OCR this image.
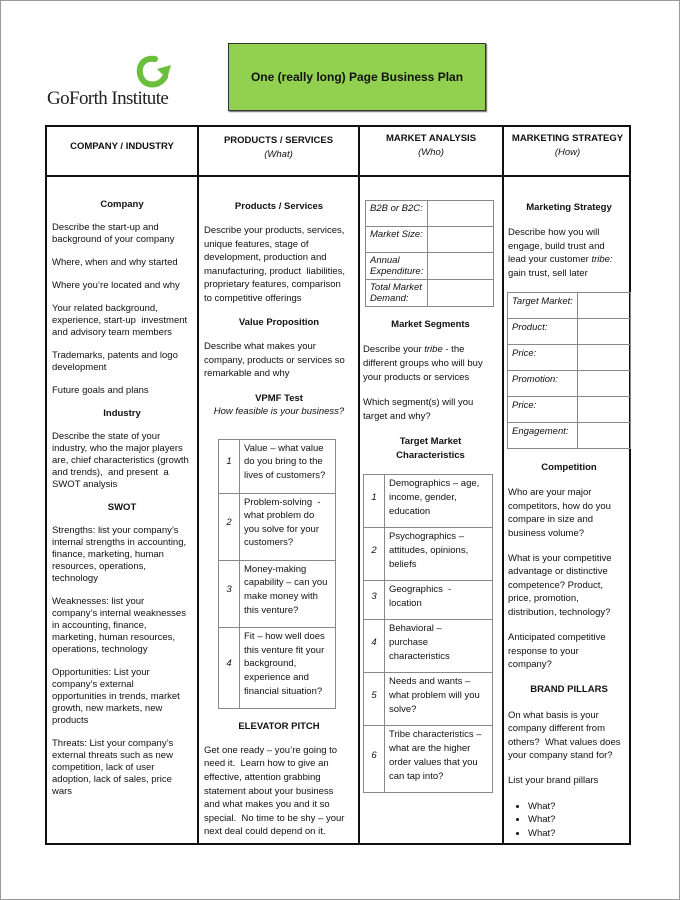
GoForth Institute
One (really long) Page Business Plan
COMPANY / INDUSTRY
PRODUCTS / SERVICES
(What)
MARKET ANALYSIS
(Who)
MARKETING STRATEGY
(How)
Company
Describe the start-up and
background of your company
Where, when and why started
Where you’re located and why
Your related background,
experience, start-up  investment
and advisory team members
Trademarks, patents and logo
development
Future goals and plans
Industry
Describe the state of your
industry, who the major players
are, chief characteristics (growth
and trends),  and present  a
SWOT analysis
SWOT
Strengths: list your company’s
internal strengths in accounting,
finance, marketing, human
resources, operations,
technology
Weaknesses: list your
company’s internal weaknesses
in accounting, finance,
marketing, human resources,
operations, technology
Opportunities: List your
company’s external
opportunities in trends, market
growth, new markets, new
products
Threats: List your company’s
external threats such as new
competition, lack of user
adoption, lack of sales, price
wars
Products / Services
Describe your products, services,
unique features, stage of
development, production and
manufacturing, product  liabilities,
proprietary features, comparison
to competitive offerings
Value Proposition
Describe what makes your
company, products or services so
remarkable and why
VPMF Test
How feasible is your business?
1	Value – what value
do you bring to the
lives of customers?
2	Problem-solving  -
what problem do
you solve for your
customers?
3	Money-making
capability – can you
make money with
this venture?
4	Fit – how well does
this venture fit your
background,
experience and
financial situation?
ELEVATOR PITCH
Get one ready – you’re going to
need it.  Learn how to give an
effective, attention grabbing
statement about your business
and what makes you and it so
special.  No time to be shy – your
next deal could depend on it.
B2B or B2C:	
Market Size:	
Annual
Expenditure:	
Total Market
Demand:	
Market Segments
Describe your tribe - the
different groups who will buy
your products or services
Which segment(s) will you
target and why?
Target Market
Characteristics
1	Demographics – age,
income, gender,
education
2	Psychographics –
attitudes, opinions,
beliefs
3	Geographics  -
location
4	Behavioral –
purchase
characteristics
5	Needs and wants –
what problem will you
solve?
6	Tribe characteristics –
what are the higher
order values that you
can tap into?
Marketing Strategy
Describe how you will
engage, build trust and
lead your customer tribe:
gain trust, sell later
Target Market:	
Product:	
Price:	
Promotion:	
Price:	
Engagement:	
Competition
Who are your major
competitors, how do you
compare in size and
business volume?
What is your competitive
advantage or distinctive
competence? Product,
price, promotion,
distribution, technology?
Anticipated competitive
response to your
company?
BRAND PILLARS
On what basis is your
company different from
others?  What values does
your company stand for?
List your brand pillars
• What?
• What?
• What?
